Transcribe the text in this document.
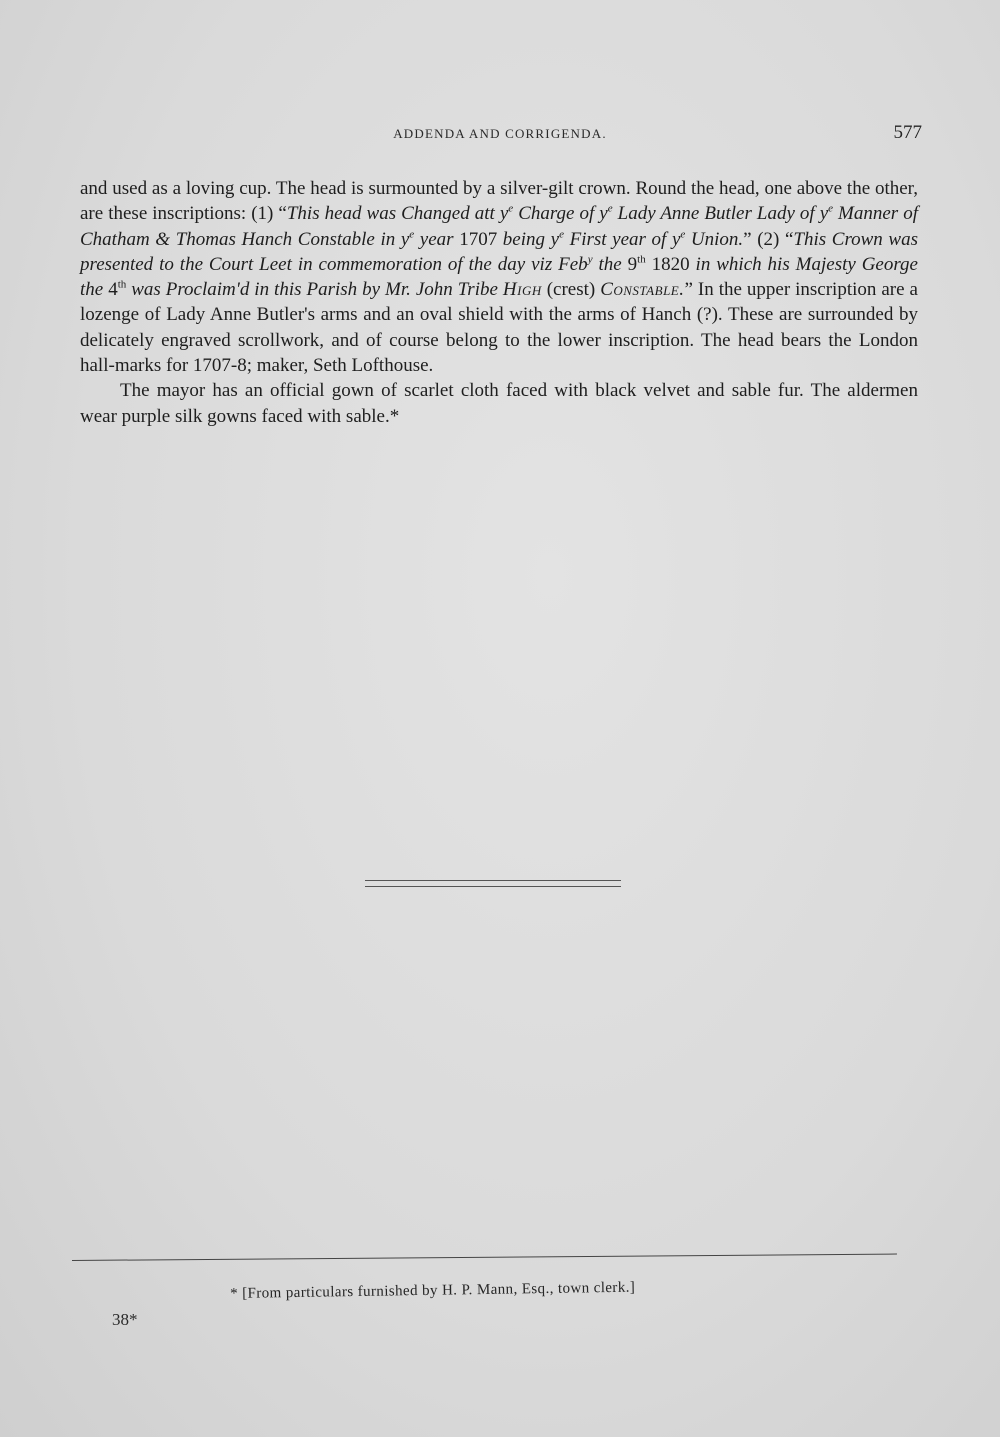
ADDENDA AND CORRIGENDA.	577

and used as a loving cup. The head is surmounted by a silver-gilt crown. Round the head, one above the other, are these inscriptions: (1) “This head was Changed att $y^e$ Charge of $y^e$ Lady Anne Butler Lady of $y^e$ Manner of Chatham & Thomas Hanch Constable in $y^e$ year 1707 being $y^e$ First year of $y^e$ Union.” (2) “This Crown was presented to the Court Leet in commemoration of the day viz Feb$^y$ the 9th 1820 in which his Majesty George the 4th was Proclaim'd in this Parish by Mr. John Tribe High (crest) Constable.” In the upper inscription are a lozenge of Lady Anne Butler's arms and an oval shield with the arms of Hanch (?). These are surrounded by delicately engraved scrollwork, and of course belong to the lower inscription. The head bears the London hall-marks for 1707-8; maker, Seth Lofthouse.

The mayor has an official gown of scarlet cloth faced with black velvet and sable fur. The aldermen wear purple silk gowns faced with sable.*

* [From particulars furnished by H. P. Mann, Esq., town clerk.]
38*
